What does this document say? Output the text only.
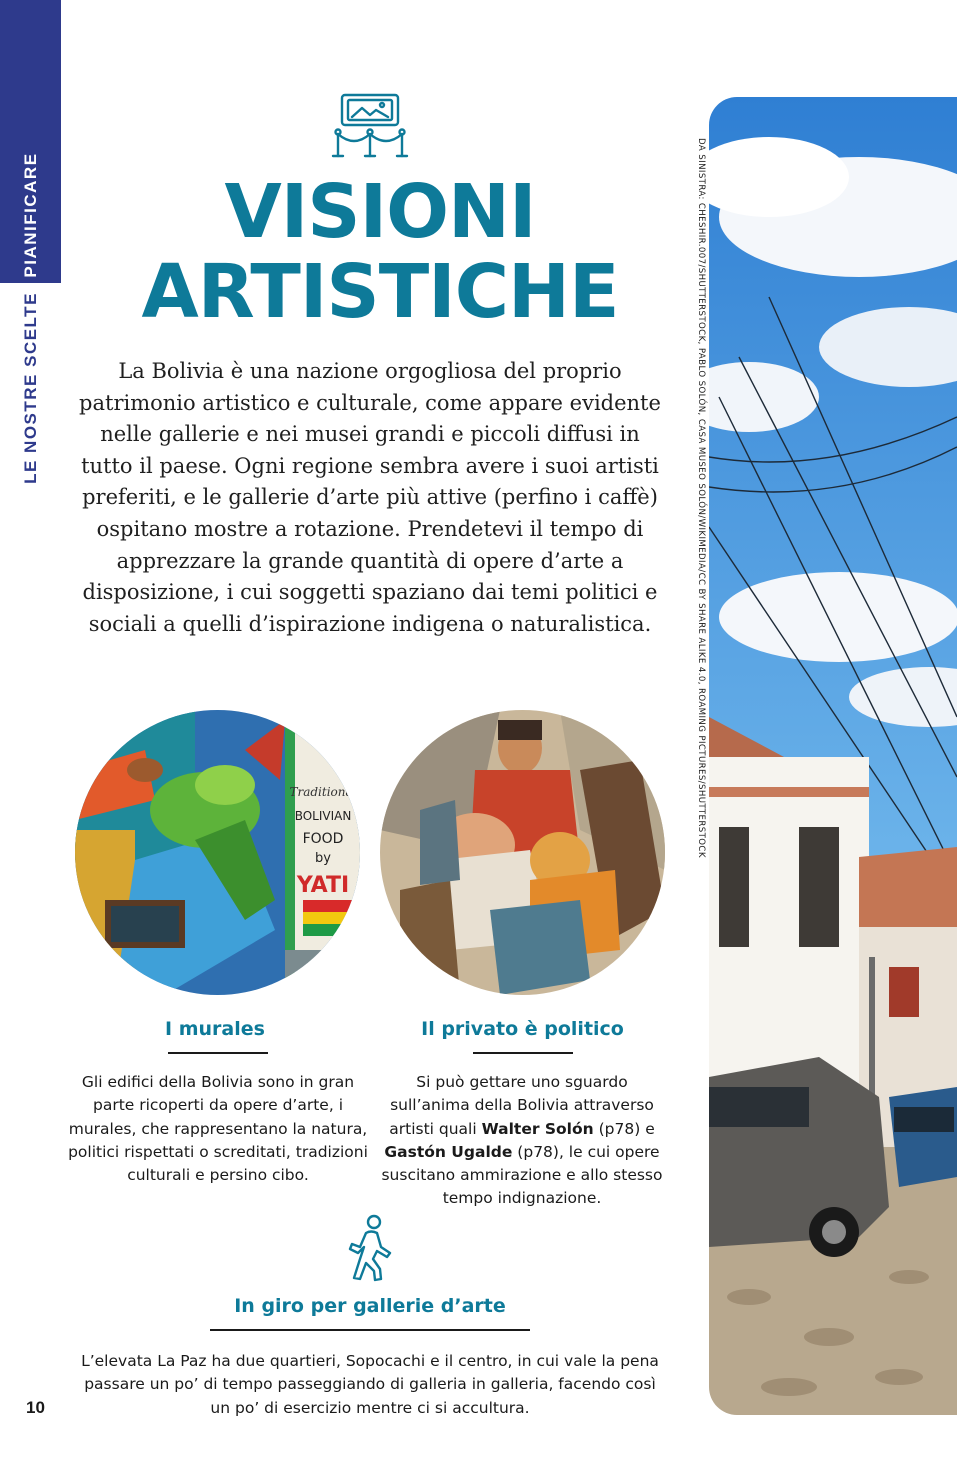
PIANIFICARE
LE NOSTRE SCELTE
10
VISIONI
ARTISTICHE

La Bolivia è una nazione orgogliosa del proprio patrimonio artistico e culturale, come appare evidente nelle gallerie e nei musei grandi e piccoli diffusi in tutto il paese. Ogni regione sembra avere i suoi artisti preferiti, e le gallerie d’arte più attive (perfino i caffè) ospitano mostre a rotazione. Prendetevi il tempo di apprezzare la grande quantità di opere d’arte a disposizione, i cui soggetti spaziano dai temi politici e sociali a quelli d’ispirazione indigena o naturalistica.

Traditional
BOLIVIAN
FOOD
by
YATI
I murales

Gli edifici della Bolivia sono in gran parte ricoperti da opere d’arte, i murales, che rappresentano la natura, politici rispettati o screditati, tradizioni culturali e persino cibo.

Il privato è politico

Si può gettare uno sguardo sull’anima della Bolivia attraverso artisti quali Walter Solón (p78) e Gastón Ugalde (p78), le cui opere suscitano ammirazione e allo stesso tempo indignazione.

In giro per gallerie d’arte

L’elevata La Paz ha due quartieri, Sopocachi e il centro, in cui vale la pena passare un po’ di tempo passeggiando di galleria in galleria, facendo così un po’ di esercizio mentre ci si accultura.

DA SINISTRA: CHESHIR.007/SHUTTERSTOCK, PABLO SOLÓN, CASA MUSEO SOLÓN/WIKIMEDIA/CC BY SHARE ALIKE 4.0, ROAMING PICTURES/SHUTTERSTOCK
